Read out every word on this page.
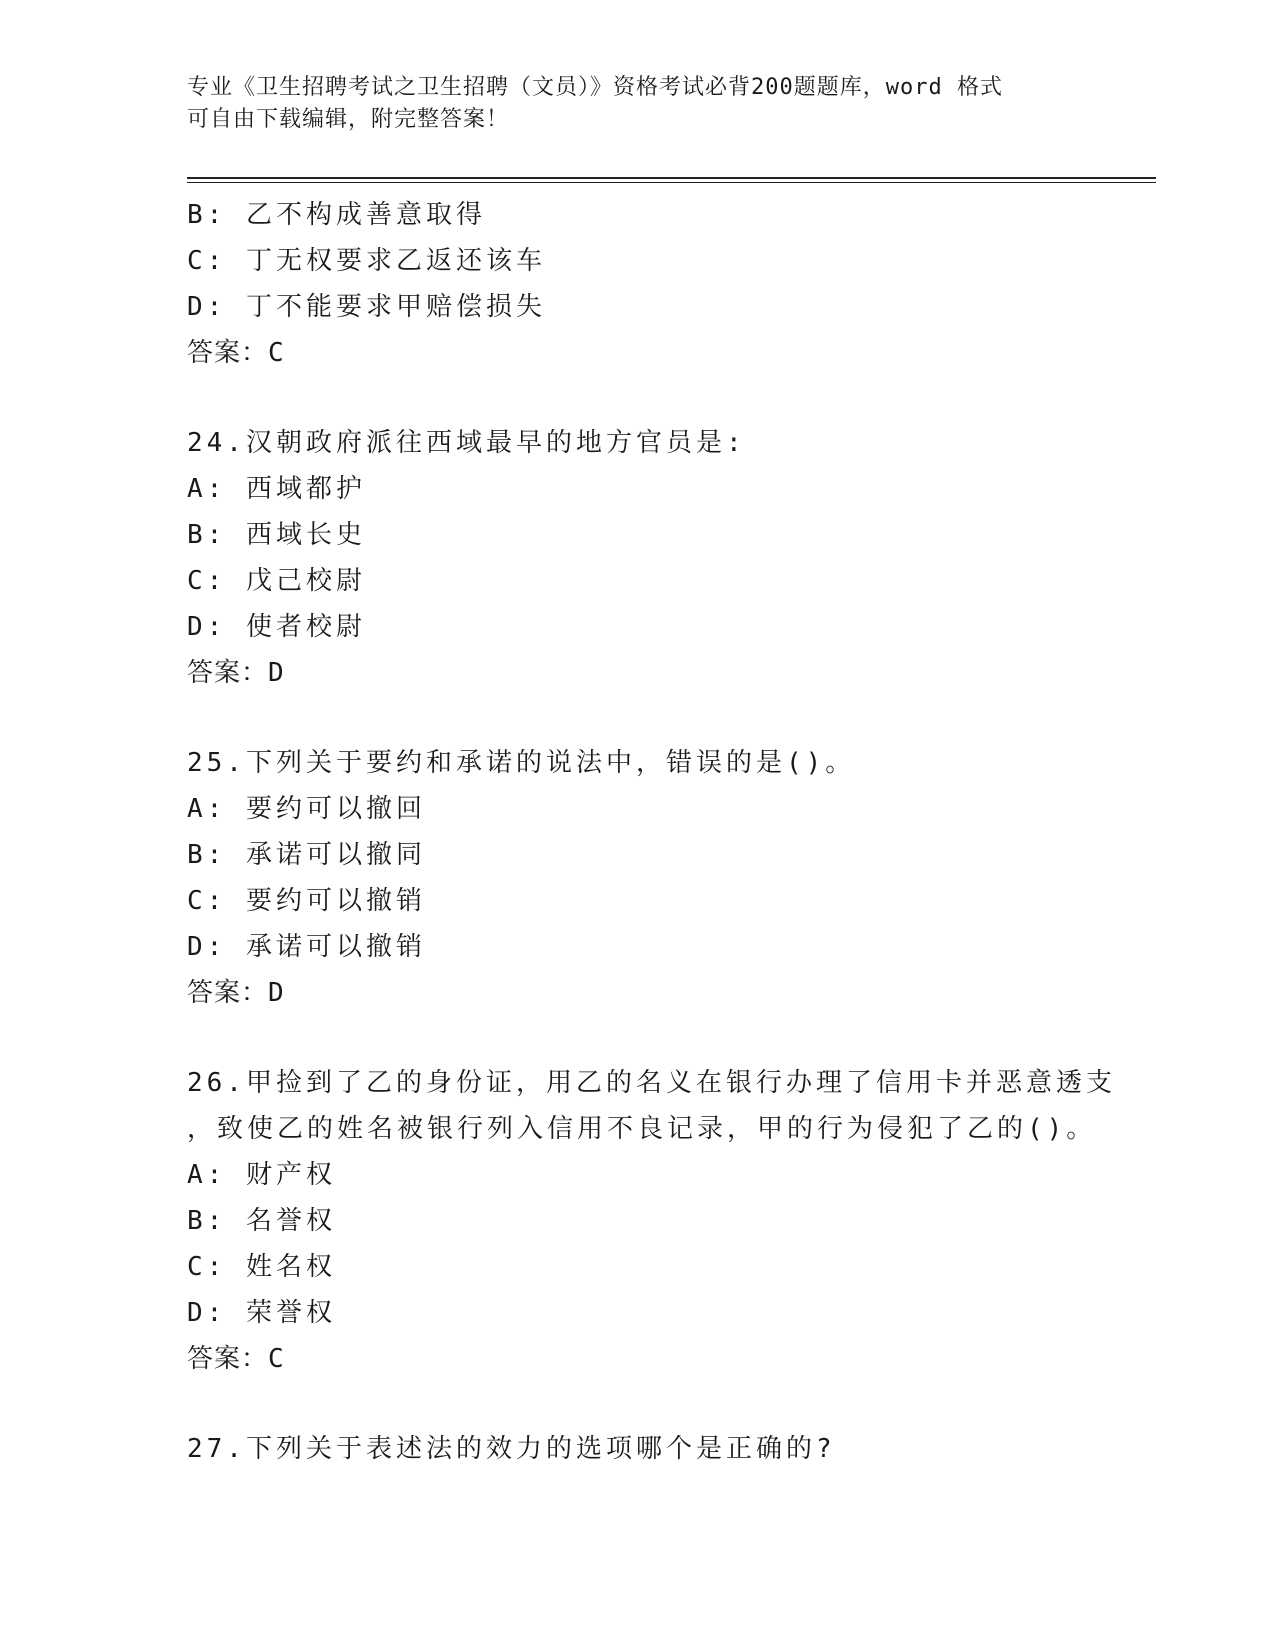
专业《卫生招聘考试之卫生招聘（文员）》资格考试必背200题题库，word 格式
可自由下载编辑，附完整答案！
B: 乙不构成善意取得
C: 丁无权要求乙返还该车
D: 丁不能要求甲赔偿损失
答案：C
24.汉朝政府派往西域最早的地方官员是:
A: 西域都护
B: 西域长史
C: 戊己校尉
D: 使者校尉
答案：D
25.下列关于要约和承诺的说法中，错误的是()。
A: 要约可以撤回
B: 承诺可以撤同
C: 要约可以撤销
D: 承诺可以撤销
答案：D
26.甲捡到了乙的身份证，用乙的名义在银行办理了信用卡并恶意透支
，致使乙的姓名被银行列入信用不良记录，甲的行为侵犯了乙的()。
A: 财产权
B: 名誉权
C: 姓名权
D: 荣誉权
答案：C
27.下列关于表述法的效力的选项哪个是正确的?
